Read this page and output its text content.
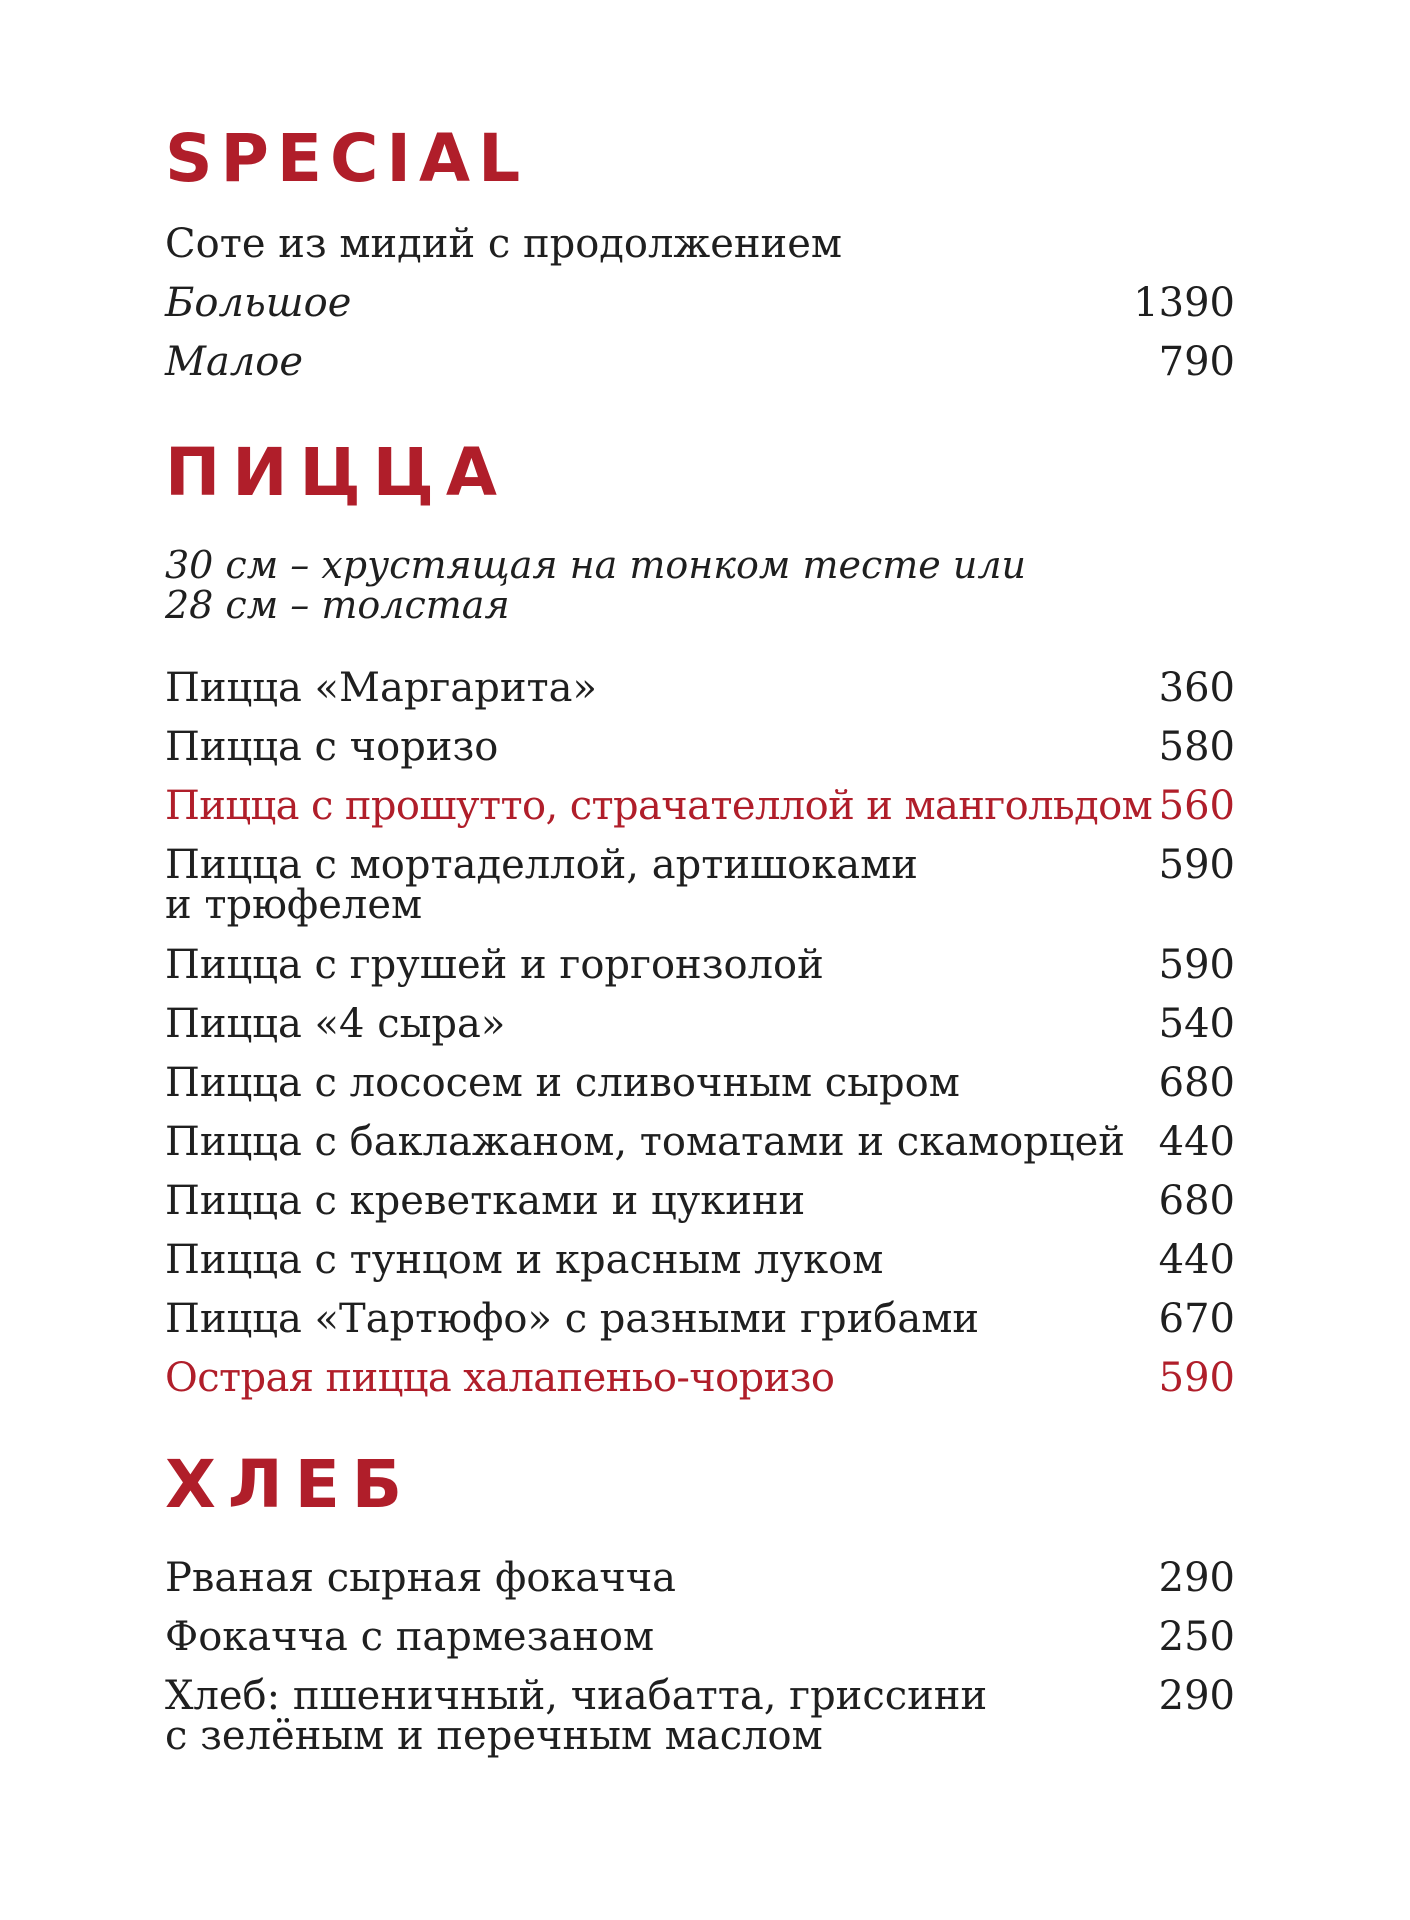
SPECIAL
Соте из мидий с продолжением
Большое	1390
Малое	790
ПИЦЦА
30 см – хрустящая на тонком тесте или
28 см – толстая
Пицца «Маргарита»	360
Пицца с чоризо	580
Пицца с прошутто, страчателлой и мангольдом 560
Пицца с мортаделлой, артишоками	590
и трюфелем
Пицца с грушей и горгонзолой	590
Пицца «4 сыра»	540
Пицца с лососем и сливочным сыром	680
Пицца с баклажаном, томатами и скаморцей 440
Пицца с креветками и цукини	680
Пицца с тунцом и красным луком	440
Пицца «Тартюфо» с разными грибами	670
Острая пицца халапеньо-чоризо	590
ХЛЕБ
Рваная сырная фокачча	290
Фокачча с пармезаном	250
Хлеб: пшеничный, чиабатта, гриссини	290
с зелёным и перечным маслом
